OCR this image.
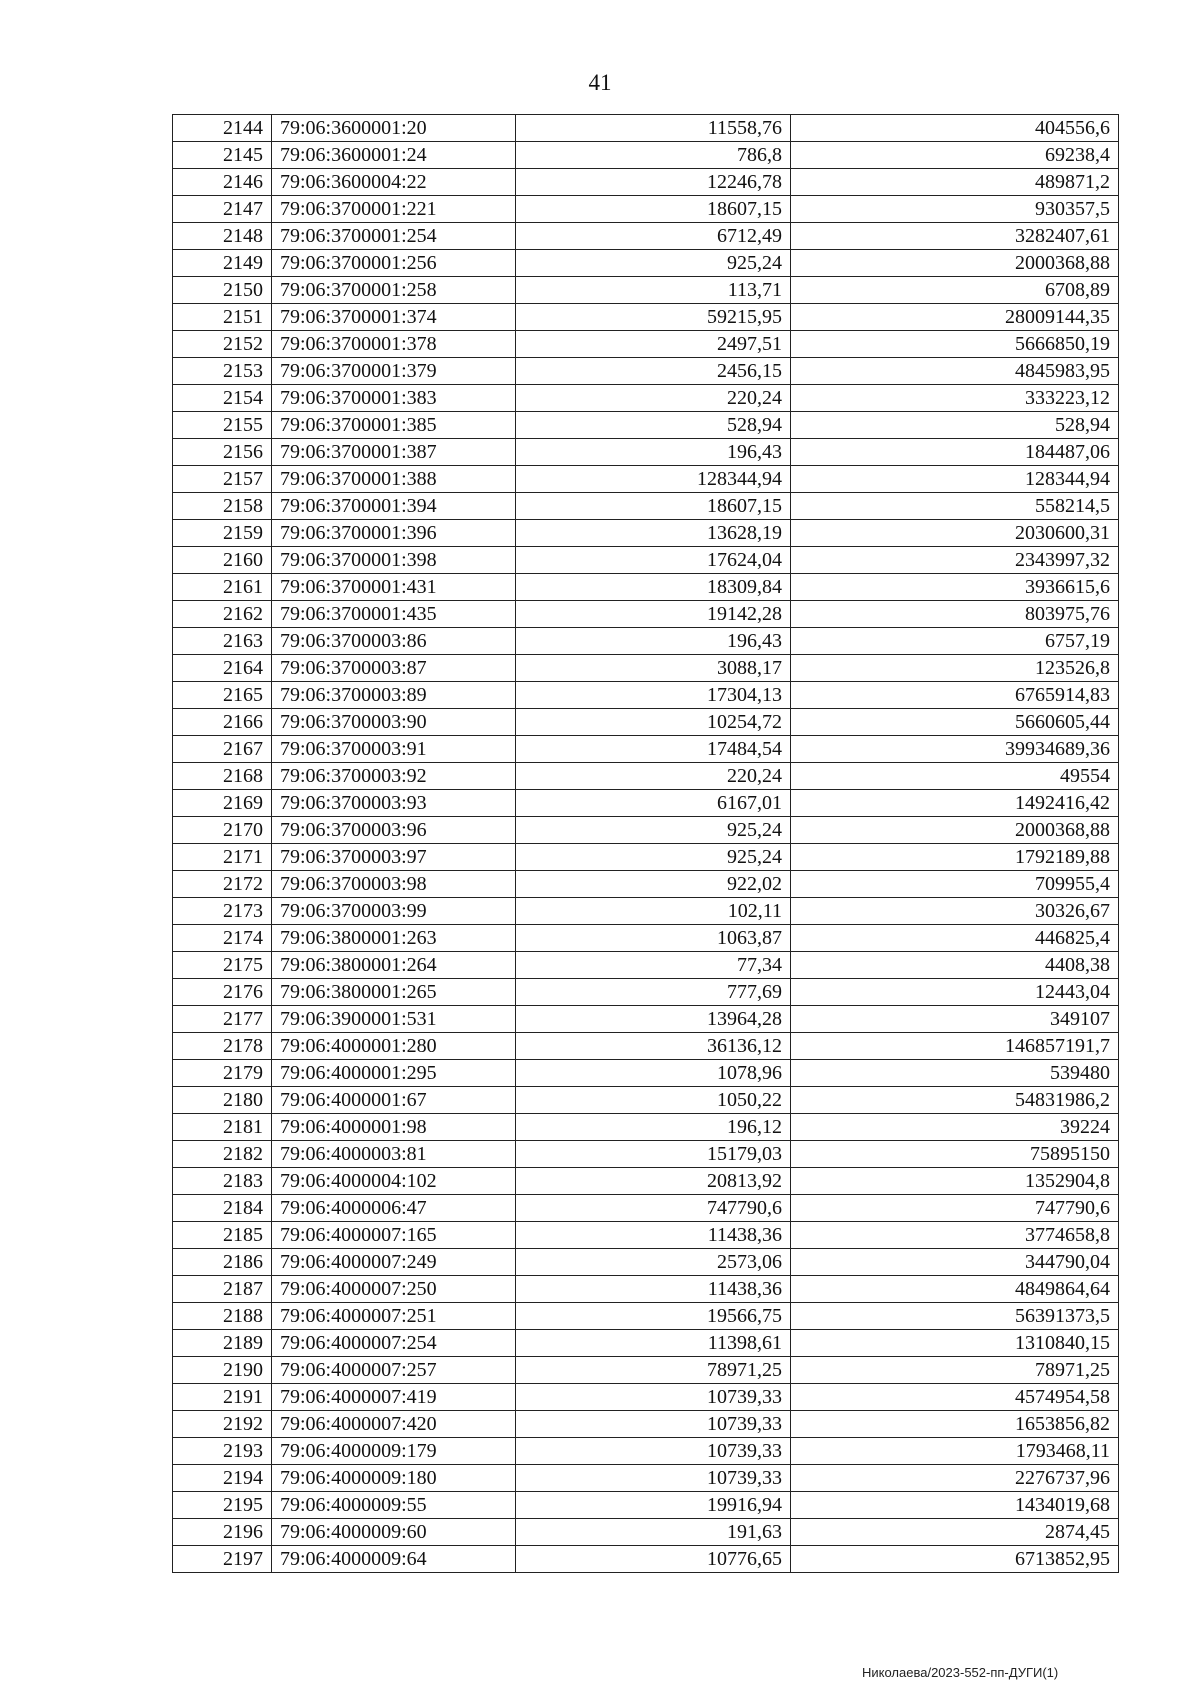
41
2144	79:06:3600001:20	11558,76	404556,6
2145	79:06:3600001:24	786,8	69238,4
2146	79:06:3600004:22	12246,78	489871,2
2147	79:06:3700001:221	18607,15	930357,5
2148	79:06:3700001:254	6712,49	3282407,61
2149	79:06:3700001:256	925,24	2000368,88
2150	79:06:3700001:258	113,71	6708,89
2151	79:06:3700001:374	59215,95	28009144,35
2152	79:06:3700001:378	2497,51	5666850,19
2153	79:06:3700001:379	2456,15	4845983,95
2154	79:06:3700001:383	220,24	333223,12
2155	79:06:3700001:385	528,94	528,94
2156	79:06:3700001:387	196,43	184487,06
2157	79:06:3700001:388	128344,94	128344,94
2158	79:06:3700001:394	18607,15	558214,5
2159	79:06:3700001:396	13628,19	2030600,31
2160	79:06:3700001:398	17624,04	2343997,32
2161	79:06:3700001:431	18309,84	3936615,6
2162	79:06:3700001:435	19142,28	803975,76
2163	79:06:3700003:86	196,43	6757,19
2164	79:06:3700003:87	3088,17	123526,8
2165	79:06:3700003:89	17304,13	6765914,83
2166	79:06:3700003:90	10254,72	5660605,44
2167	79:06:3700003:91	17484,54	39934689,36
2168	79:06:3700003:92	220,24	49554
2169	79:06:3700003:93	6167,01	1492416,42
2170	79:06:3700003:96	925,24	2000368,88
2171	79:06:3700003:97	925,24	1792189,88
2172	79:06:3700003:98	922,02	709955,4
2173	79:06:3700003:99	102,11	30326,67
2174	79:06:3800001:263	1063,87	446825,4
2175	79:06:3800001:264	77,34	4408,38
2176	79:06:3800001:265	777,69	12443,04
2177	79:06:3900001:531	13964,28	349107
2178	79:06:4000001:280	36136,12	146857191,7
2179	79:06:4000001:295	1078,96	539480
2180	79:06:4000001:67	1050,22	54831986,2
2181	79:06:4000001:98	196,12	39224
2182	79:06:4000003:81	15179,03	75895150
2183	79:06:4000004:102	20813,92	1352904,8
2184	79:06:4000006:47	747790,6	747790,6
2185	79:06:4000007:165	11438,36	3774658,8
2186	79:06:4000007:249	2573,06	344790,04
2187	79:06:4000007:250	11438,36	4849864,64
2188	79:06:4000007:251	19566,75	56391373,5
2189	79:06:4000007:254	11398,61	1310840,15
2190	79:06:4000007:257	78971,25	78971,25
2191	79:06:4000007:419	10739,33	4574954,58
2192	79:06:4000007:420	10739,33	1653856,82
2193	79:06:4000009:179	10739,33	1793468,11
2194	79:06:4000009:180	10739,33	2276737,96
2195	79:06:4000009:55	19916,94	1434019,68
2196	79:06:4000009:60	191,63	2874,45
2197	79:06:4000009:64	10776,65	6713852,95
Николаева/2023-552-пп-ДУГИ(1)
